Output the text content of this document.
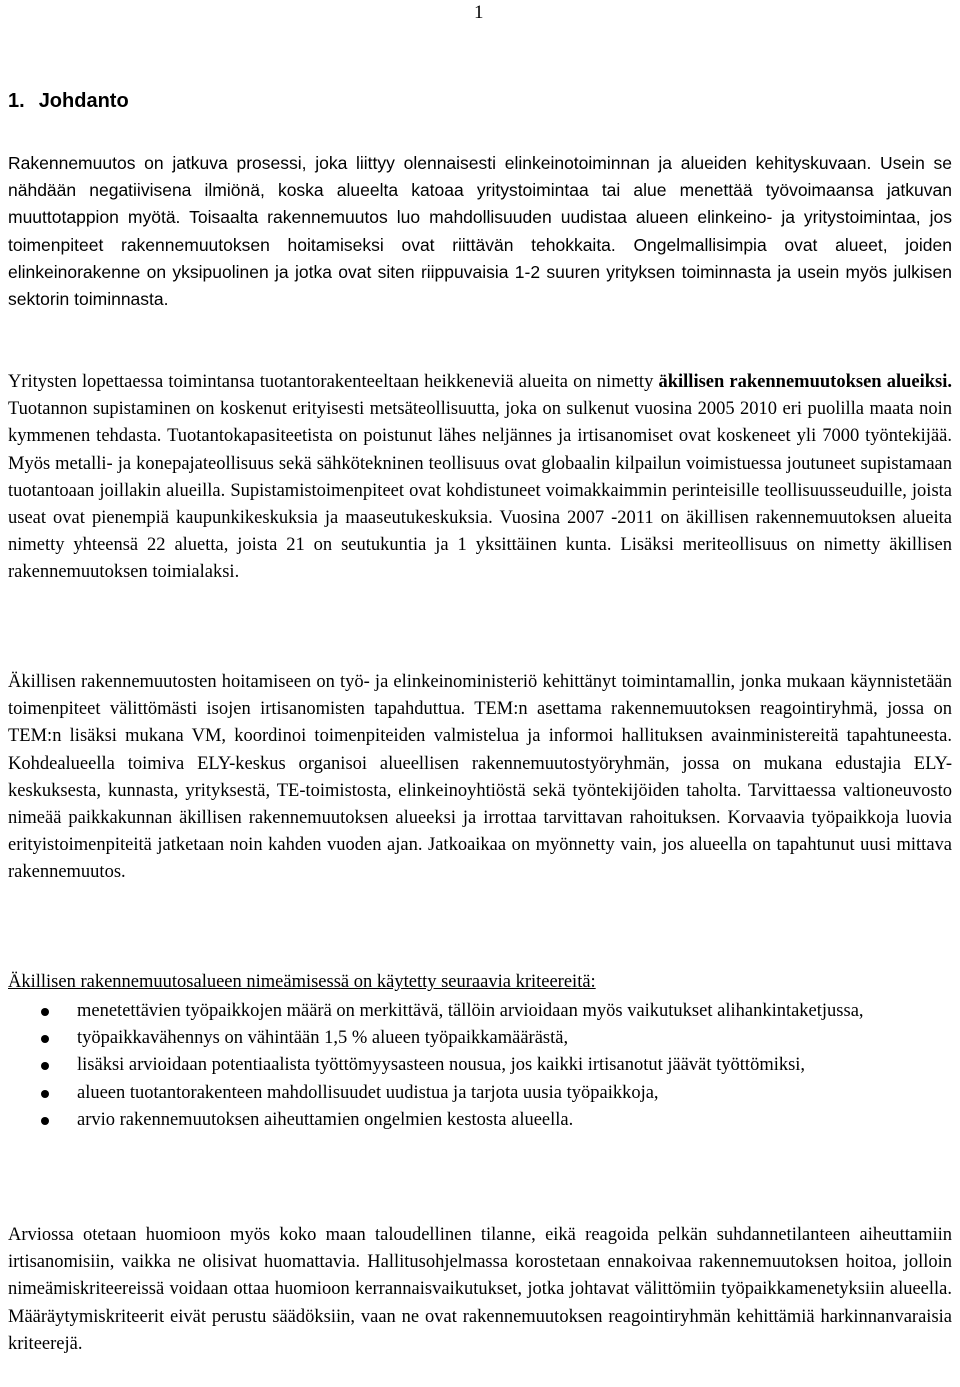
1
1. Johdanto

Rakennemuutos on jatkuva prosessi, joka liittyy olennaisesti elinkeinotoiminnan ja alueiden kehityskuvaan. Usein se nähdään negatiivisena ilmiönä, koska alueelta katoaa yritystoimintaa tai alue menettää työvoimaansa jatkuvan muuttotappion myötä. Toisaalta rakennemuutos luo mahdollisuuden uudistaa alueen elinkeino- ja yritystoimintaa, jos toimenpiteet rakennemuutoksen hoitamiseksi ovat riittävän tehokkaita. Ongelmallisimpia ovat alueet, joiden elinkeinorakenne on yksipuolinen ja jotka ovat siten riippuvaisia 1-2 suuren yrityksen toiminnasta ja usein myös julkisen sektorin toiminnasta.

Yritysten lopettaessa toimintansa tuotantorakenteeltaan heikkeneviä alueita on nimetty äkillisen rakennemuutoksen alueiksi. Tuotannon supistaminen on koskenut erityisesti metsäteollisuutta, joka on sulkenut vuosina 2005 2010 eri puolilla maata noin kymmenen tehdasta. Tuotantokapasiteetista on poistunut lähes neljännes ja irtisanomiset ovat koskeneet yli 7000 työntekijää. Myös metalli- ja konepajateollisuus sekä sähkötekninen teollisuus ovat globaalin kilpailun voimistuessa joutuneet supistamaan tuotantoaan joillakin alueilla. Supistamistoimenpiteet ovat kohdistuneet voimakkaimmin perinteisille teollisuusseuduille, joista useat ovat pienempiä kaupunkikeskuksia ja maaseutukeskuksia. Vuosina 2007 -2011 on äkillisen rakennemuutoksen alueita nimetty yhteensä 22 aluetta, joista 21 on seutukuntia ja 1 yksittäinen kunta. Lisäksi meriteollisuus on nimetty äkillisen rakennemuutoksen toimialaksi.

Äkillisen rakennemuutosten hoitamiseen on työ- ja elinkeinoministeriö kehittänyt toimintamallin, jonka mukaan käynnistetään toimenpiteet välittömästi isojen irtisanomisten tapahduttua. TEM:n asettama rakennemuutoksen reagointiryhmä, jossa on TEM:n lisäksi mukana VM, koordinoi toimenpiteiden valmistelua ja informoi hallituksen avainministereitä tapahtuneesta. Kohdealueella toimiva ELY-keskus organisoi alueellisen rakennemuutostyöryhmän, jossa on mukana edustajia ELY-keskuksesta, kunnasta, yrityksestä, TE-toimistosta, elinkeinoyhtiöstä sekä työntekijöiden taholta. Tarvittaessa valtioneuvosto nimeää paikkakunnan äkillisen rakennemuutoksen alueeksi ja irrottaa tarvittavan rahoituksen. Korvaavia työpaikkoja luovia erityistoimenpiteitä jatketaan noin kahden vuoden ajan. Jatkoaikaa on myönnetty vain, jos alueella on tapahtunut uusi mittava rakennemuutos.

Äkillisen rakennemuutosalueen nimeämisessä on käytetty seuraavia kriteereitä:

menetettävien työpaikkojen määrä on merkittävä, tällöin arvioidaan myös vaikutukset alihankintaketjussa,
työpaikkavähennys on vähintään 1,5 % alueen työpaikkamäärästä,
lisäksi arvioidaan potentiaalista työttömyysasteen nousua, jos kaikki irtisanotut jäävät työttömiksi,
alueen tuotantorakenteen mahdollisuudet uudistua ja tarjota uusia työpaikkoja,
arvio rakennemuutoksen aiheuttamien ongelmien kestosta alueella.

Arviossa otetaan huomioon myös koko maan taloudellinen tilanne, eikä reagoida pelkän suhdannetilanteen aiheuttamiin irtisanomisiin, vaikka ne olisivat huomattavia. Hallitusohjelmassa korostetaan ennakoivaa rakennemuutoksen hoitoa, jolloin nimeämiskriteereissä voidaan ottaa huomioon kerrannaisvaikutukset, jotka johtavat välittömiin työpaikkamenetyksiin alueella. Määräytymiskriteerit eivät perustu säädöksiin, vaan ne ovat rakennemuutoksen reagointiryhmän kehittämiä harkinnanvaraisia kriteerejä.
